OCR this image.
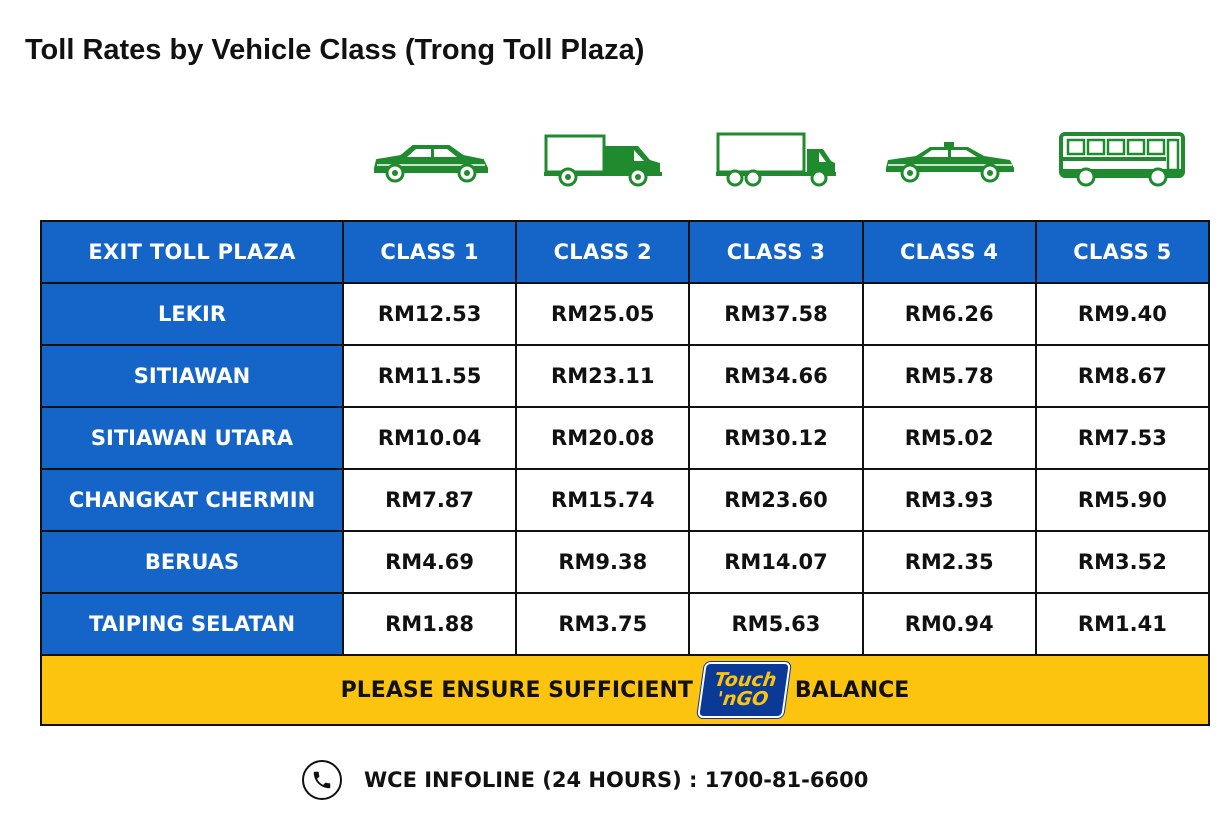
Toll Rates by Vehicle Class (Trong Toll Plaza)
EXIT TOLL PLAZA	CLASS 1	CLASS 2	CLASS 3	CLASS 4	CLASS 5
LEKIR	RM12.53	RM25.05	RM37.58	RM6.26	RM9.40
SITIAWAN	RM11.55	RM23.11	RM34.66	RM5.78	RM8.67
SITIAWAN UTARA	RM10.04	RM20.08	RM30.12	RM5.02	RM7.53
CHANGKAT CHERMIN	RM7.87	RM15.74	RM23.60	RM3.93	RM5.90
BERUAS	RM4.69	RM9.38	RM14.07	RM2.35	RM3.52
TAIPING SELATAN	RM1.88	RM3.75	RM5.63	RM0.94	RM1.41

PLEASE ENSURE SUFFICIENT Touch
'nGO BALANCE					
WCE INFOLINE (24 HOURS) : 1700-81-6600
